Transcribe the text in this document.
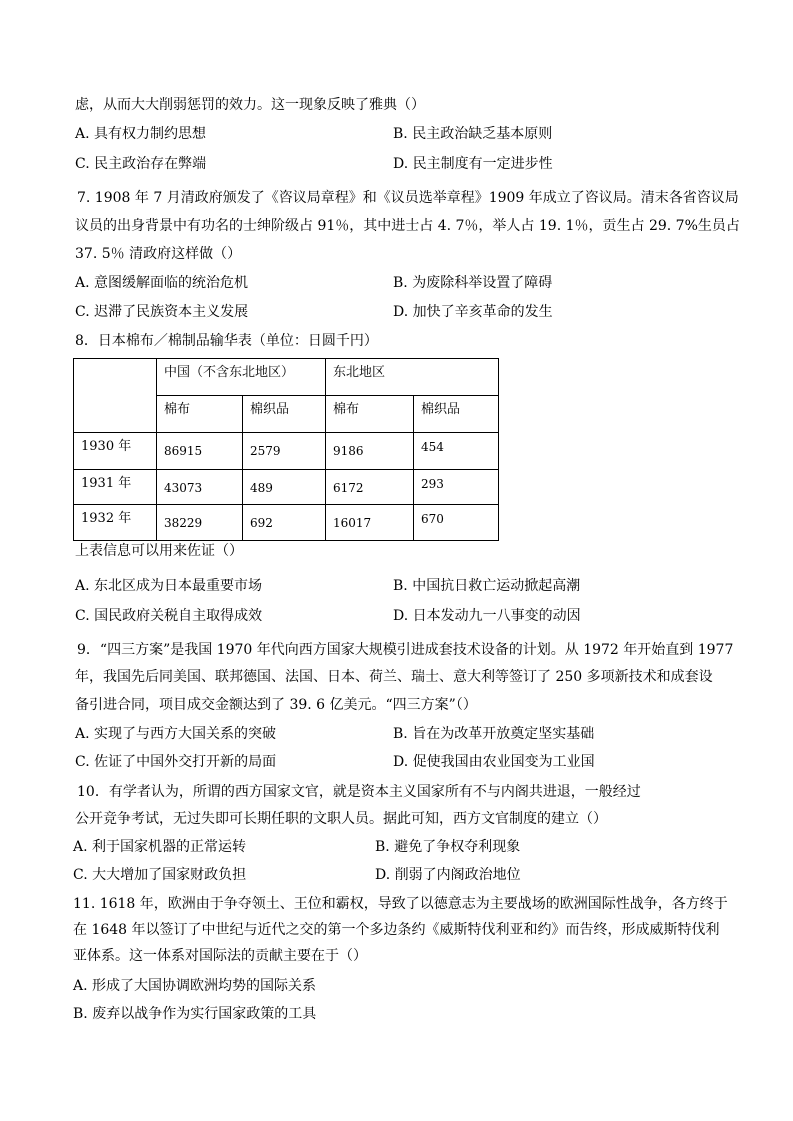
虑，从而大大削弱惩罚的效力。这一现象反映了雅典（）
A. 具有权力制约思想	B. 民主政治缺乏基本原则
C. 民主政治存在弊端	D. 民主制度有一定进步性
7. 1908 年 7 月清政府颁发了《咨议局章程》和《议员选举章程》1909 年成立了咨议局。清末各省咨议局
议员的出身背景中有功名的士绅阶级占 91％，其中进士占 4. 7％，举人占 19. 1％，贡生占 29. 7%生员占
37. 5％ 清政府这样做（）
A. 意图缓解面临的统治危机	B. 为废除科举设置了障碍
C. 迟滞了民族资本主义发展	D. 加快了辛亥革命的发生
8．日本棉布／棉制品输华表（单位：日圆千円）

	中国（不含东北地区）		东北地区	

	棉布	棉织品	棉布	棉织品

1930 年	86915	2579	9186	454

1931 年	43073	489	6172	293

1932 年	38229	692	16017	670
上表信息可以用来佐证（）
A. 东北区成为日本最重要市场	B. 中国抗日救亡运动掀起高潮
C. 国民政府关税自主取得成效	D. 日本发动九一八事变的动因
9．“四三方案”是我国 1970 年代向西方国家大规模引进成套技术设备的计划。从 1972 年开始直到 1977
年，我国先后同美国、联邦德国、法国、日本、荷兰、瑞士、意大利等签订了 250 多项新技术和成套设
备引进合同，项目成交金额达到了 39. 6 亿美元。“四三方案”（）
A. 实现了与西方大国关系的突破	B. 旨在为改革开放奠定坚实基础
C. 佐证了中国外交打开新的局面	D. 促使我国由农业国变为工业国
10．有学者认为，所谓的西方国家文官，就是资本主义国家所有不与内阁共进退，一般经过
公开竞争考试，无过失即可长期任职的文职人员。据此可知，西方文官制度的建立（）
A. 利于国家机器的正常运转	B. 避免了争权夺利现象
C. 大大增加了国家财政负担	D. 削弱了内阁政治地位
11. 1618 年，欧洲由于争夺领土、王位和霸权，导致了以德意志为主要战场的欧洲国际性战争，各方终于
在 1648 年以签订了中世纪与近代之交的第一个多边条约《威斯特伐利亚和约》而告终，形成威斯特伐利
亚体系。这一体系对国际法的贡献主要在于（）
A. 形成了大国协调欧洲均势的国际关系
B. 废弃以战争作为实行国家政策的工具
